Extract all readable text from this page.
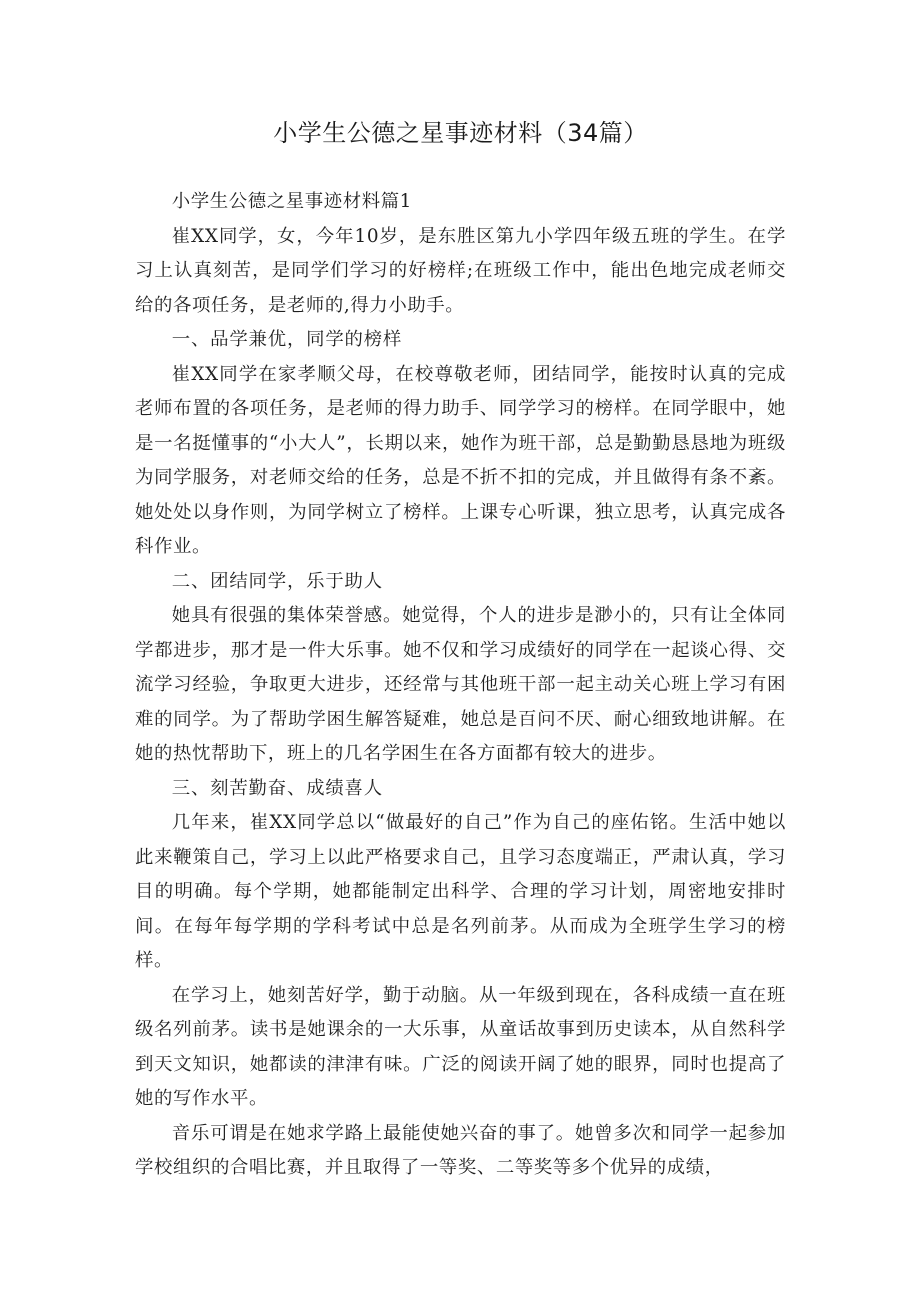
小学生公德之星事迹材料（34篇）

小学生公德之星事迹材料篇1

崔XX同学，女，今年10岁，是东胜区第九小学四年级五班的学生。在学习上认真刻苦，是同学们学习的好榜样;在班级工作中，能出色地完成老师交给的各项任务，是老师的,得力小助手。

一、品学兼优，同学的榜样

崔XX同学在家孝顺父母，在校尊敬老师，团结同学，能按时认真的完成老师布置的各项任务，是老师的得力助手、同学学习的榜样。在同学眼中，她是一名挺懂事的“小大人”，长期以来，她作为班干部，总是勤勤恳恳地为班级为同学服务，对老师交给的任务，总是不折不扣的完成，并且做得有条不紊。她处处以身作则，为同学树立了榜样。上课专心听课，独立思考，认真完成各科作业。

二、团结同学，乐于助人

她具有很强的集体荣誉感。她觉得，个人的进步是渺小的，只有让全体同学都进步，那才是一件大乐事。她不仅和学习成绩好的同学在一起谈心得、交流学习经验，争取更大进步，还经常与其他班干部一起主动关心班上学习有困难的同学。为了帮助学困生解答疑难，她总是百问不厌、耐心细致地讲解。在她的热忱帮助下，班上的几名学困生在各方面都有较大的进步。

三、刻苦勤奋、成绩喜人

几年来，崔XX同学总以“做最好的自己”作为自己的座佑铭。生活中她以此来鞭策自己，学习上以此严格要求自己，且学习态度端正，严肃认真，学习目的明确。每个学期，她都能制定出科学、合理的学习计划，周密地安排时间。在每年每学期的学科考试中总是名列前茅。从而成为全班学生学习的榜样。

在学习上，她刻苦好学，勤于动脑。从一年级到现在，各科成绩一直在班级名列前茅。读书是她课余的一大乐事，从童话故事到历史读本，从自然科学到天文知识，她都读的津津有味。广泛的阅读开阔了她的眼界，同时也提高了她的写作水平。

音乐可谓是在她求学路上最能使她兴奋的事了。她曾多次和同学一起参加学校组织的合唱比赛，并且取得了一等奖、二等奖等多个优异的成绩，
